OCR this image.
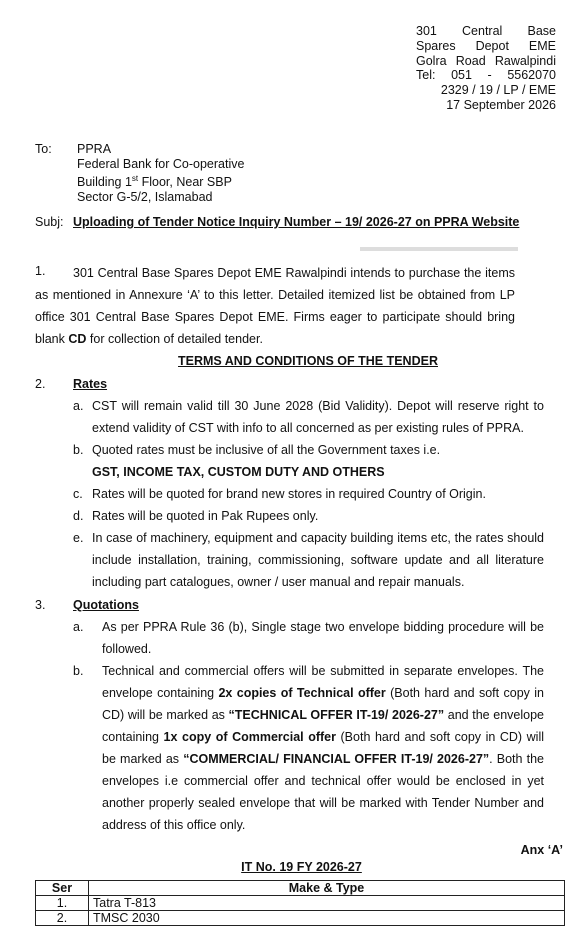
301 Central Base
Spares Depot EME
Golra Road Rawalpindi
Tel: 051 - 5562070
2329 / 19 / LP / EME
17 September 2026
To: PPRA
Federal Bank for Co-operative
Building 1st Floor, Near SBP
Sector G-5/2, Islamabad
Subj: Uploading of Tender Notice Inquiry Number – 19/ 2026-27 on PPRA Website
1.	301 Central Base Spares Depot EME Rawalpindi intends to purchase the items as mentioned in Annexure ‘A’ to this letter. Detailed itemized list be obtained from LP office 301 Central Base Spares Depot EME. Firms eager to participate should bring blank CD for collection of detailed tender.
TERMS AND CONDITIONS OF THE TENDER
2. Rates
a. CST will remain valid till 30 June 2028 (Bid Validity). Depot will reserve right to extend validity of CST with info to all concerned as per existing rules of PPRA.
b. Quoted rates must be inclusive of all the Government taxes i.e.
GST, INCOME TAX, CUSTOM DUTY AND OTHERS
c. Rates will be quoted for brand new stores in required Country of Origin.
d. Rates will be quoted in Pak Rupees only.
e. In case of machinery, equipment and capacity building items etc, the rates should include installation, training, commissioning, software update and all literature including part catalogues, owner / user manual and repair manuals.
3. Quotations
a. As per PPRA Rule 36 (b), Single stage two envelope bidding procedure will be followed.
b. Technical and commercial offers will be submitted in separate envelopes. The envelope containing 2x copies of Technical offer (Both hard and soft copy in CD) will be marked as “TECHNICAL OFFER IT-19/ 2026-27” and the envelope containing 1x copy of Commercial offer (Both hard and soft copy in CD) will be marked as “COMMERCIAL/ FINANCIAL OFFER IT-19/ 2026-27”. Both the envelopes i.e commercial offer and technical offer would be enclosed in yet another properly sealed envelope that will be marked with Tender Number and address of this office only.
Anx ‘A’
IT No. 19 FY 2026-27
Ser	Make & Type
1.	Tatra T-813
2.	TMSC 2030
